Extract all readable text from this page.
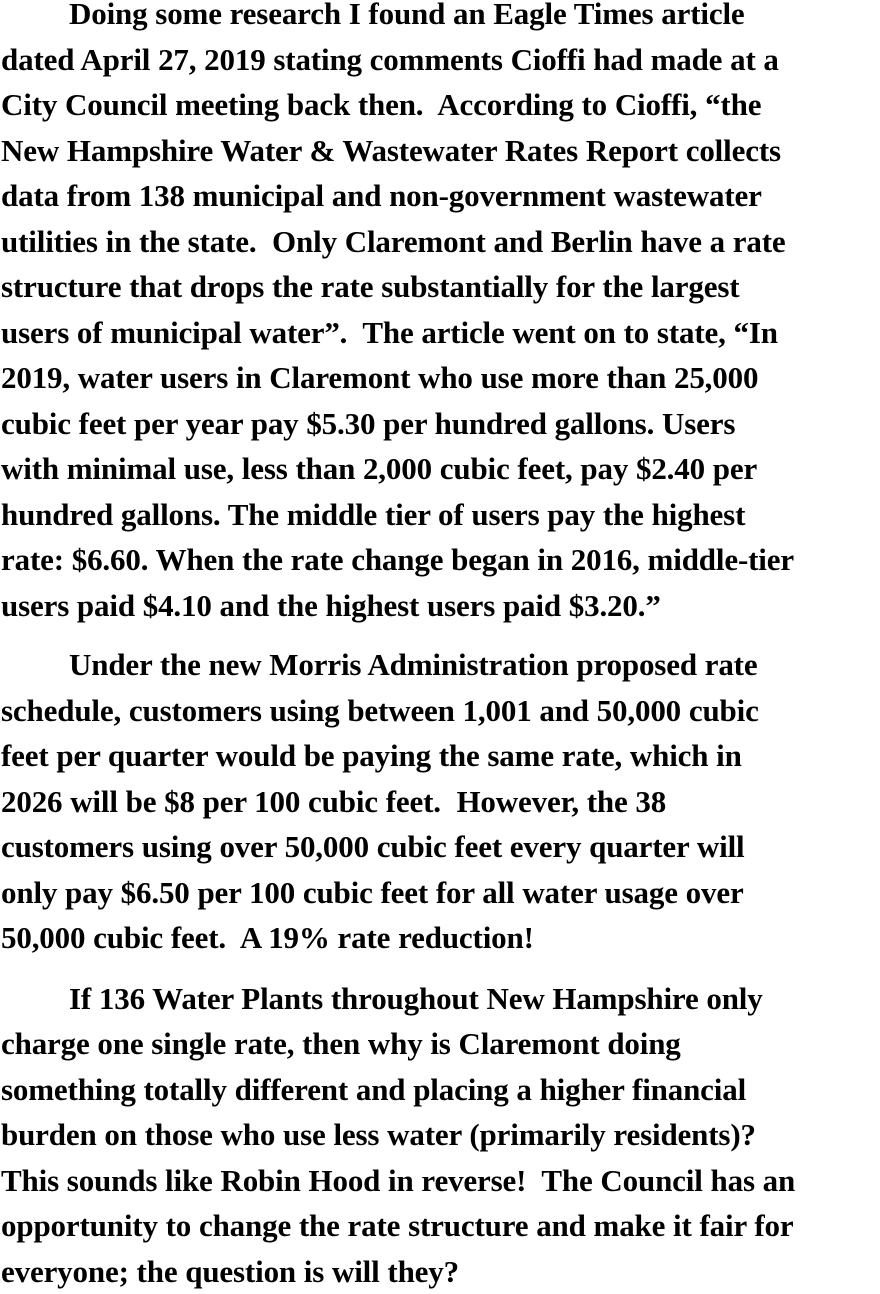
Doing some research I found an Eagle Times article
dated April 27, 2019 stating comments Cioffi had made at a
City Council meeting back then.  According to Cioffi, “the
New Hampshire Water & Wastewater Rates Report collects
data from 138 municipal and non-government wastewater
utilities in the state.  Only Claremont and Berlin have a rate
structure that drops the rate substantially for the largest
users of municipal water”.  The article went on to state, “In
2019, water users in Claremont who use more than 25,000
cubic feet per year pay $5.30 per hundred gallons. Users
with minimal use, less than 2,000 cubic feet, pay $2.40 per
hundred gallons. The middle tier of users pay the highest
rate: $6.60. When the rate change began in 2016, middle-tier
users paid $4.10 and the highest users paid $3.20.”
Under the new Morris Administration proposed rate
schedule, customers using between 1,001 and 50,000 cubic
feet per quarter would be paying the same rate, which in
2026 will be $8 per 100 cubic feet.  However, the 38
customers using over 50,000 cubic feet every quarter will
only pay $6.50 per 100 cubic feet for all water usage over
50,000 cubic feet.  A 19% rate reduction!
If 136 Water Plants throughout New Hampshire only
charge one single rate, then why is Claremont doing
something totally different and placing a higher financial
burden on those who use less water (primarily residents)?
This sounds like Robin Hood in reverse!  The Council has an
opportunity to change the rate structure and make it fair for
everyone; the question is will they?
